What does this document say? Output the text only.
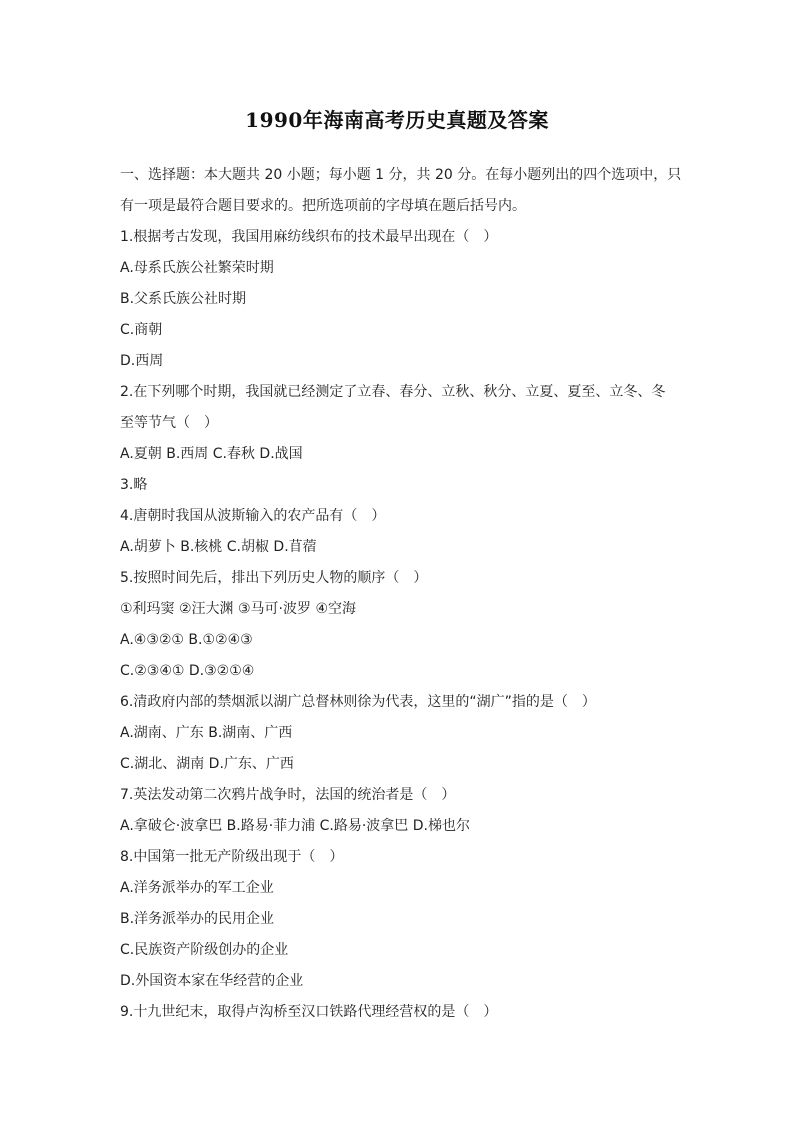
1990年海南高考历史真题及答案
一、选择题：本大题共 20 小题；每小题 1 分，共 20 分。在每小题列出的四个选项中，只
有一项是最符合题目要求的。把所选项前的字母填在题后括号内。
1.根据考古发现，我国用麻纺线织布的技术最早出现在（　）
A.母系氏族公社繁荣时期
B.父系氏族公社时期
C.商朝
D.西周
2.在下列哪个时期，我国就已经测定了立春、春分、立秋、秋分、立夏、夏至、立冬、冬
至等节气（　）
A.夏朝 B.西周 C.春秋 D.战国
3.略
4.唐朝时我国从波斯输入的农产品有（　）
A.胡萝卜 B.核桃 C.胡椒 D.苜蓿
5.按照时间先后，排出下列历史人物的顺序（　）
①利玛窦 ②汪大渊 ③马可·波罗 ④空海
A.④③②① B.①②④③
C.②③④① D.③②①④
6.清政府内部的禁烟派以湖广总督林则徐为代表，这里的“湖广”指的是（　）
A.湖南、广东 B.湖南、广西
C.湖北、湖南 D.广东、广西
7.英法发动第二次鸦片战争时，法国的统治者是（　）
A.拿破仑·波拿巴 B.路易·菲力浦 C.路易·波拿巴 D.梯也尔
8.中国第一批无产阶级出现于（　）
A.洋务派举办的军工企业
B.洋务派举办的民用企业
C.民族资产阶级创办的企业
D.外国资本家在华经营的企业
9.十九世纪末，取得卢沟桥至汉口铁路代理经营权的是（　）
